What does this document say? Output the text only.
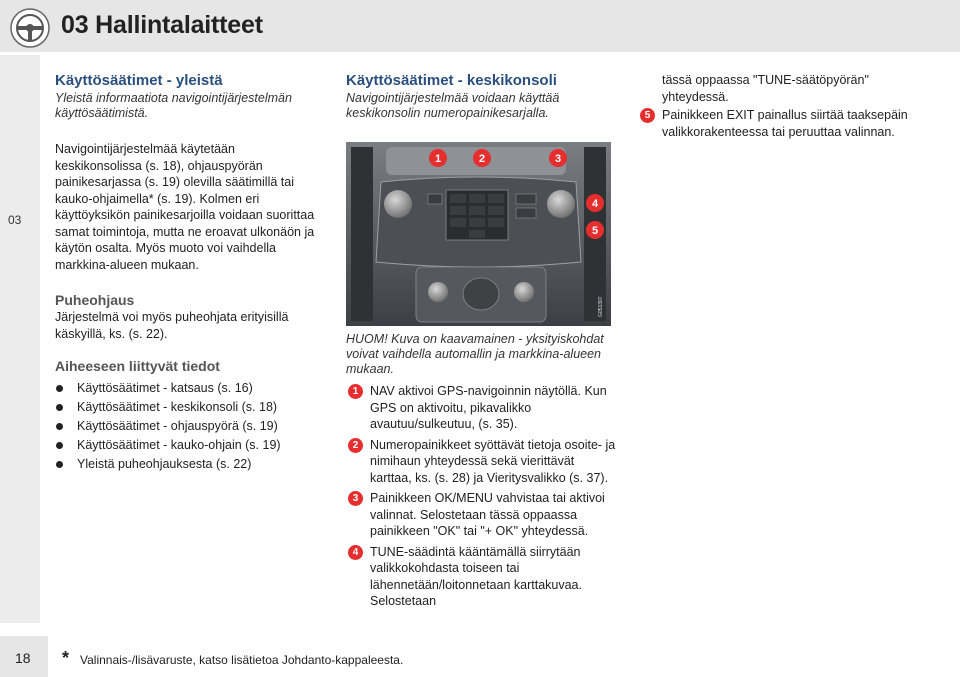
03 Hallintalaitteet
03
Käyttösäätimet - yleistä

Yleistä informaatiota navigointijärjestelmän käyttösäätimistä.

Navigointijärjestelmää käytetään keskikonsolissa (s. 18), ohjauspyörän painikesarjassa (s. 19) olevilla säätimillä tai kauko-ohjaimella* (s. 19). Kolmen eri käyttöyksikön painikesarjoilla voidaan suorittaa samat toimintoja, mutta ne eroavat ulkonäön ja käytön osalta. Myös muoto voi vaihdella markkina-alueen mukaan.

Puheohjaus

Järjestelmä voi myös puheohjata erityisillä käskyillä, ks. (s. 22).

Aiheeseen liittyvät tiedot
Käyttösäätimet - katsaus (s. 16)
Käyttösäätimet - keskikonsoli (s. 18)
Käyttösäätimet - ohjauspyörä (s. 19)
Käyttösäätimet - kauko-ohjain (s. 19)
Yleistä puheohjauksesta (s. 22)
Käyttösäätimet - keskikonsoli

Navigointijärjestelmää voidaan käyttää keskikonsolin numeropainikesarjalla.

1	2	3
4
5
G051307

HUOM! Kuva on kaavamainen - yksityiskohdat voivat vaihdella automallin ja markkina-alueen mukaan.

1 NAV aktivoi GPS-navigoinnin näytöllä. Kun GPS on aktivoitu, pikavalikko avautuu/sulkeutuu, (s. 35).
2 Numeropainikkeet syöttävät tietoja osoite- ja nimihaun yhteydessä sekä vierittävät karttaa, ks. (s. 28) ja Vieritysvalikko (s. 37).
3 Painikkeen OK/MENU vahvistaa tai aktivoi valinnat. Selostetaan tässä oppaassa painikkeen "OK" tai "+ OK" yhteydessä.
4 TUNE-säädintä kääntämällä siirrytään valikkokohdasta toiseen tai lähennetään/loitonnetaan karttakuvaa. Selostetaan

tässä oppaassa "TUNE-säätöpyörän" yhteydessä.

5 Painikkeen EXIT painallus siirtää taaksepäin valikkorakenteessa tai peruuttaa valinnan.
18 * Valinnais-/lisävaruste, katso lisätietoa Johdanto-kappaleesta.
